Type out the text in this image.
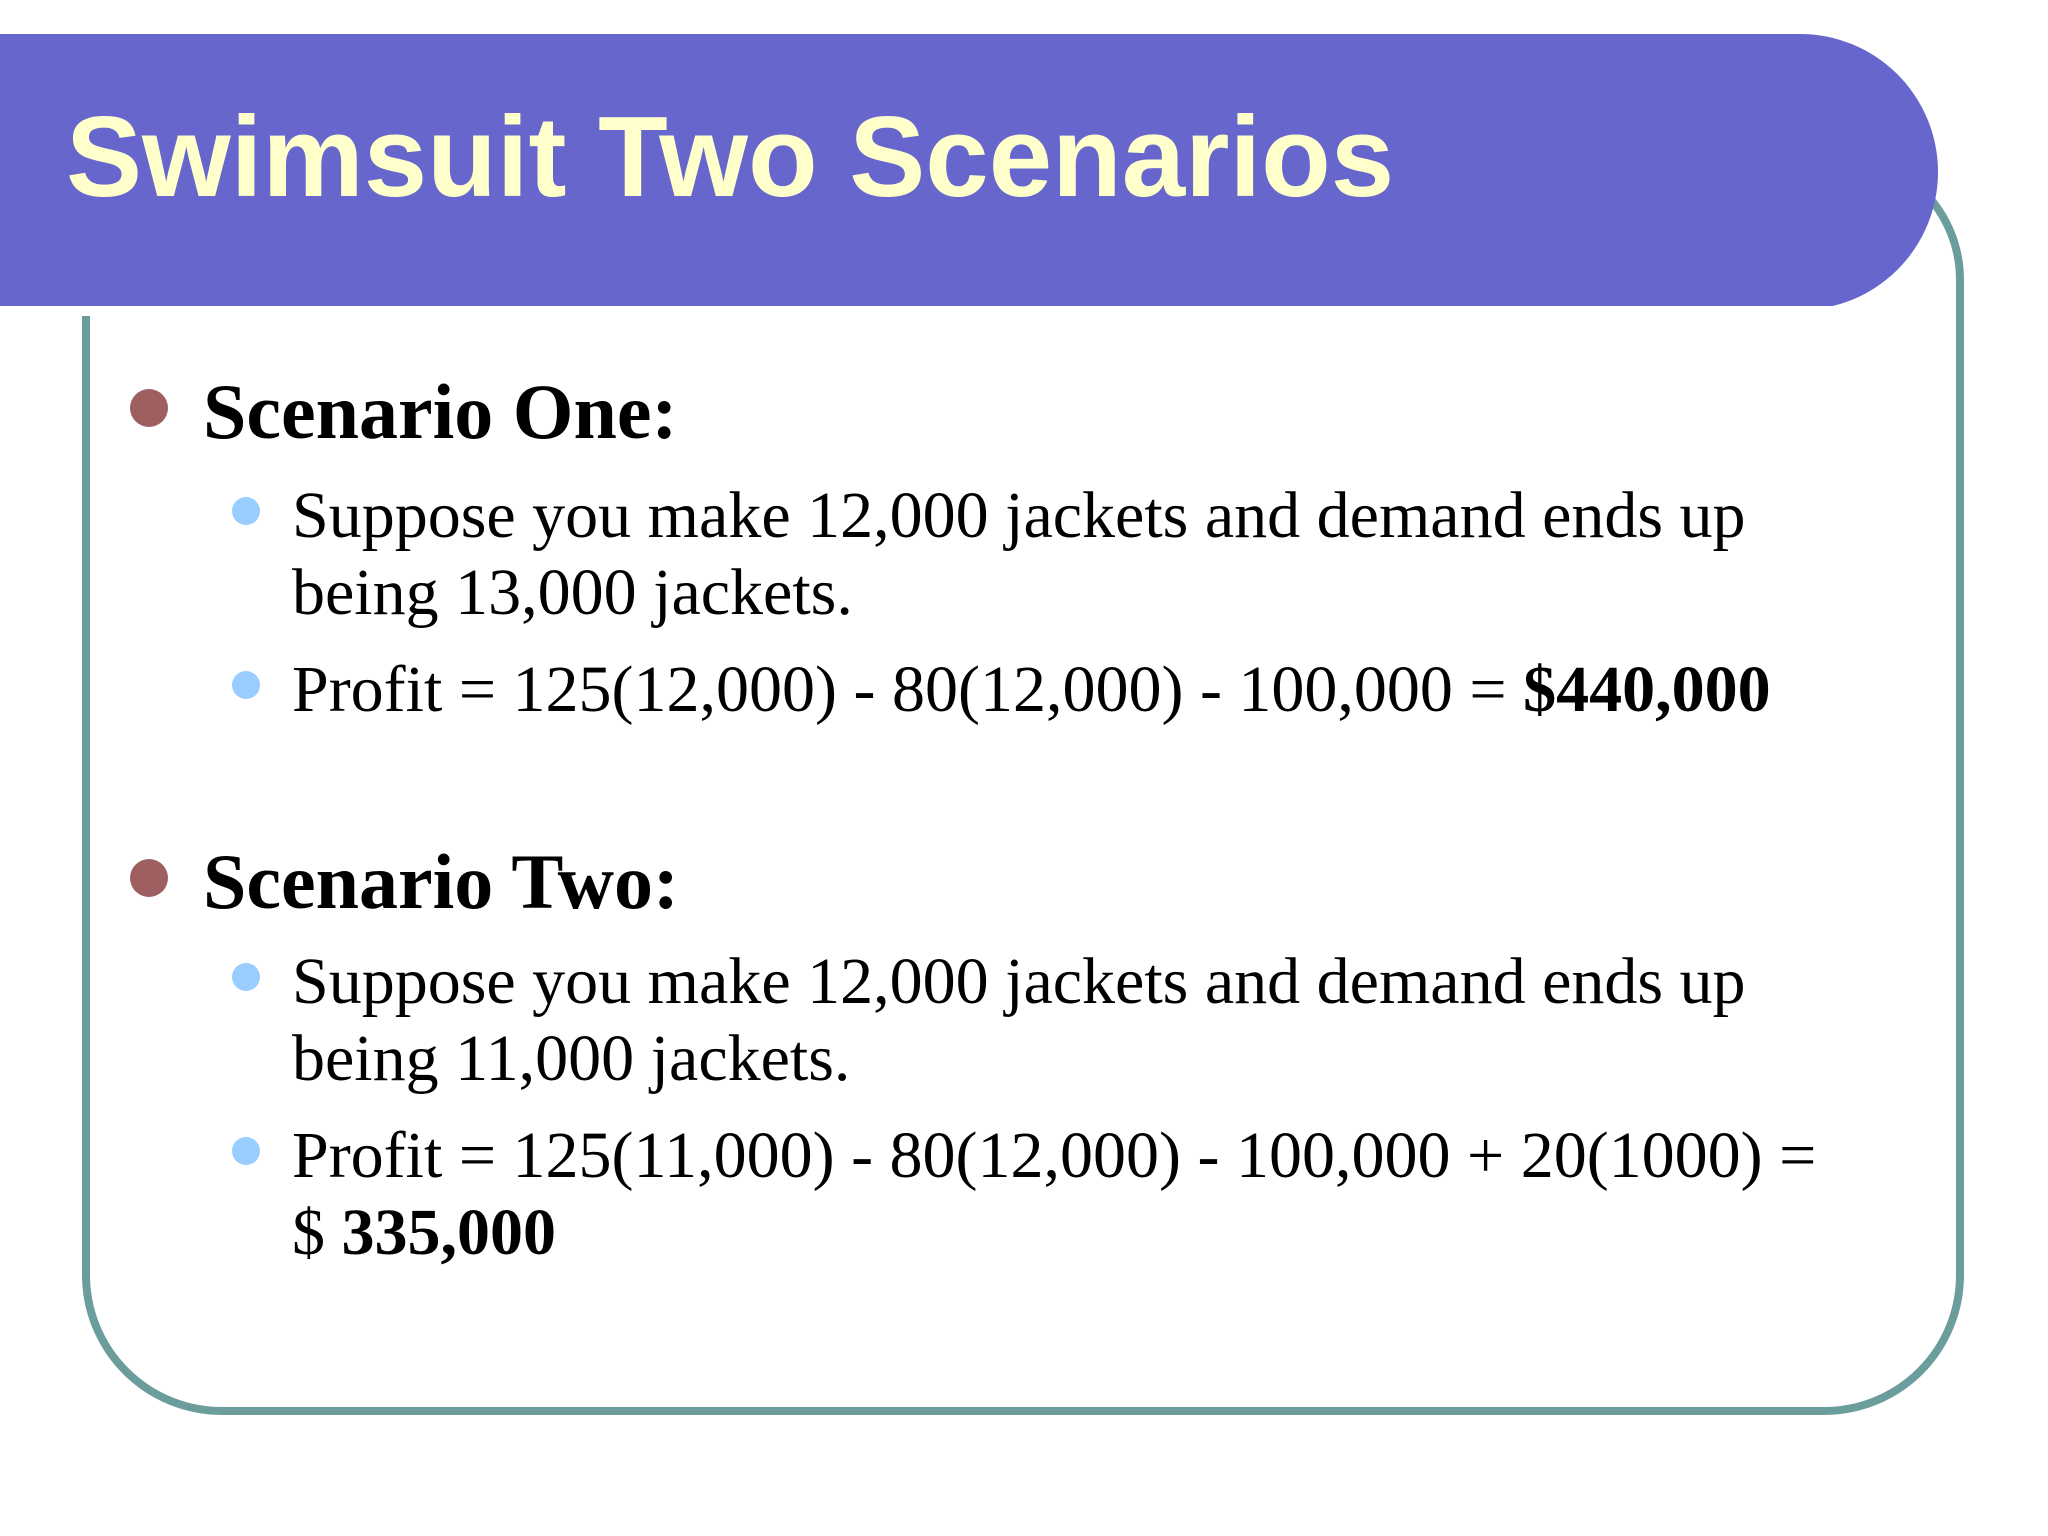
Swimsuit Two Scenarios
Scenario One:

Suppose you make 12,000 jackets and demand ends up

being 13,000 jackets.

Profit = 125(12,000) - 80(12,000) - 100,000 = $440,000

Scenario Two:

Suppose you make 12,000 jackets and demand ends up

being 11,000 jackets.

Profit = 125(11,000) - 80(12,000) - 100,000 + 20(1000) =

$ 335,000
